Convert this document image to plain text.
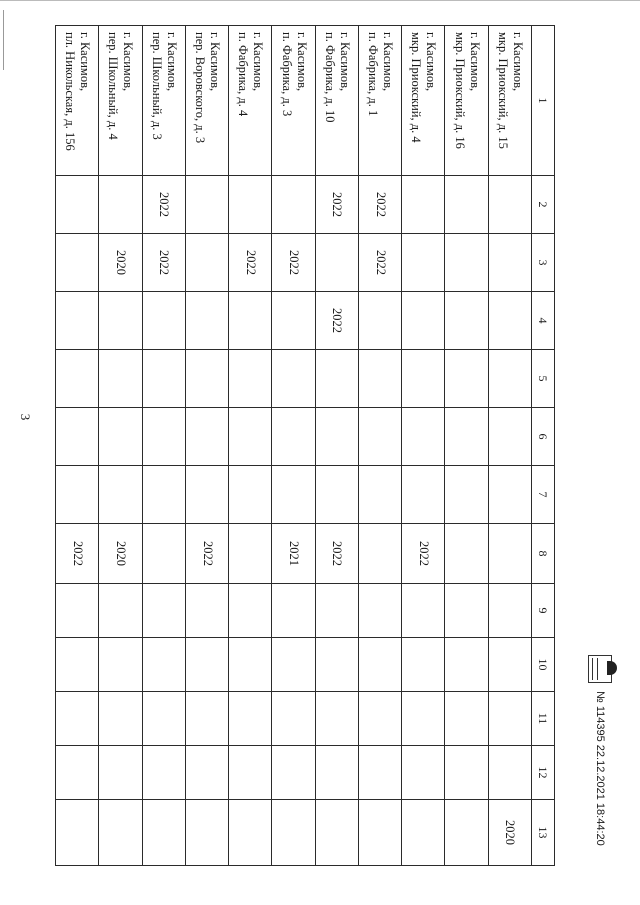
3
1	2	3	4	5	6	7	8	9	10	11	12	13

г. Касимов,
мкр. Приокский, д. 15												2020

г. Касимов,
мкр. Приокский, д. 16												

г. Касимов,
мкр. Приокский, д. 4							2022					

г. Касимов,
п. Фабрика, д. 1	2022	2022										

г. Касимов,
п. Фабрика, д. 10	2022		2022				2022					

г. Касимов,
п. Фабрика, д. 3		2022					2021					

г. Касимов,
п. Фабрика, д. 4		2022										

г. Касимов,
пер. Воровского, д. 3							2022					

г. Касимов,
пер. Школьный, д. 3	2022	2022										

г. Касимов,
пер. Школьный, д. 4		2020					2020					

г. Касимов,
пл. Никольская, д. 156							2022					
№ 114395 22.12.2021 18:44:20
